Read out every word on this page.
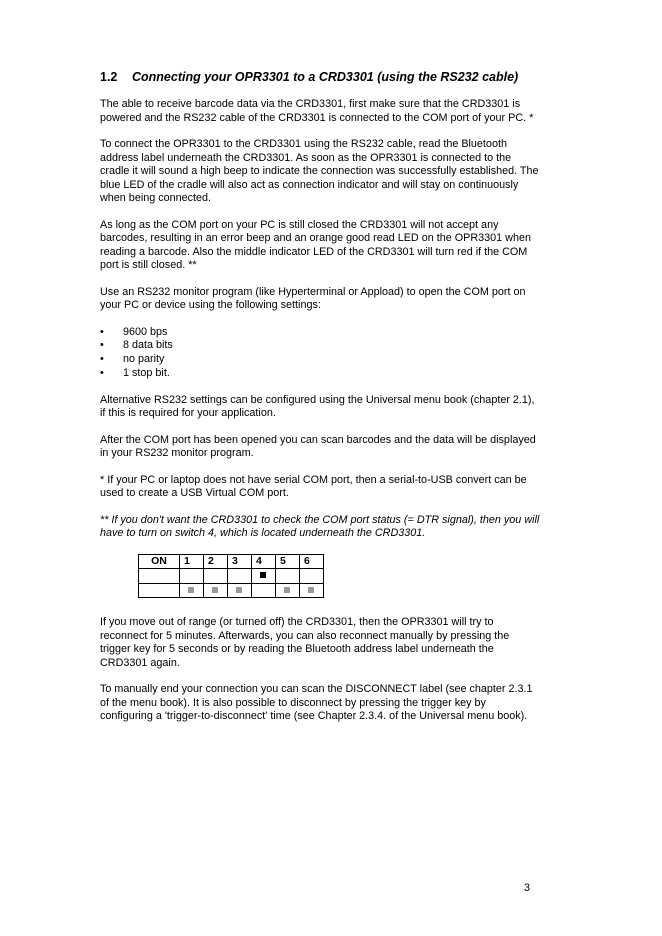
1.2 Connecting your OPR3301 to a CRD3301 (using the RS232 cable)

The able to receive barcode data via the CRD3301, first make sure that the CRD3301 is powered and the RS232 cable of the CRD3301 is connected to the COM port of your PC. *

To connect the OPR3301 to the CRD3301 using the RS232 cable, read the Bluetooth address label underneath the CRD3301. As soon as the OPR3301 is connected to the cradle it will sound a high beep to indicate the connection was successfully established. The blue LED of the cradle will also act as connection indicator and will stay on continuously when being connected.

As long as the COM port on your PC is still closed the CRD3301 will not accept any barcodes, resulting in an error beep and an orange good read LED on the OPR3301 when reading a barcode. Also the middle indicator LED of the CRD3301 will turn red if the COM port is still closed. **

Use an RS232 monitor program (like Hyperterminal or Appload) to open the COM port on your PC or device using the following settings:

• 9600 bps
• 8 data bits
• no parity
• 1 stop bit.

Alternative RS232 settings can be configured using the Universal menu book (chapter 2.1), if this is required for your application.

After the COM port has been opened you can scan barcodes and the data will be displayed in your RS232 monitor program.

* If your PC or laptop does not have serial COM port, then a serial-to-USB convert can be used to create a USB Virtual COM port.

** If you don't want the CRD3301 to check the COM port status (= DTR signal), then you will have to turn on switch 4, which is located underneath the CRD3301.

ON	1	2	3	4	5	6

If you move out of range (or turned off) the CRD3301, then the OPR3301 will try to reconnect for 5 minutes. Afterwards, you can also reconnect manually by pressing the trigger key for 5 seconds or by reading the Bluetooth address label underneath the CRD3301 again.

To manually end your connection you can scan the DISCONNECT label (see chapter 2.3.1 of the menu book). It is also possible to disconnect by pressing the trigger key by configuring a 'trigger-to-disconnect' time (see Chapter 2.3.4. of the Universal menu book).

3
